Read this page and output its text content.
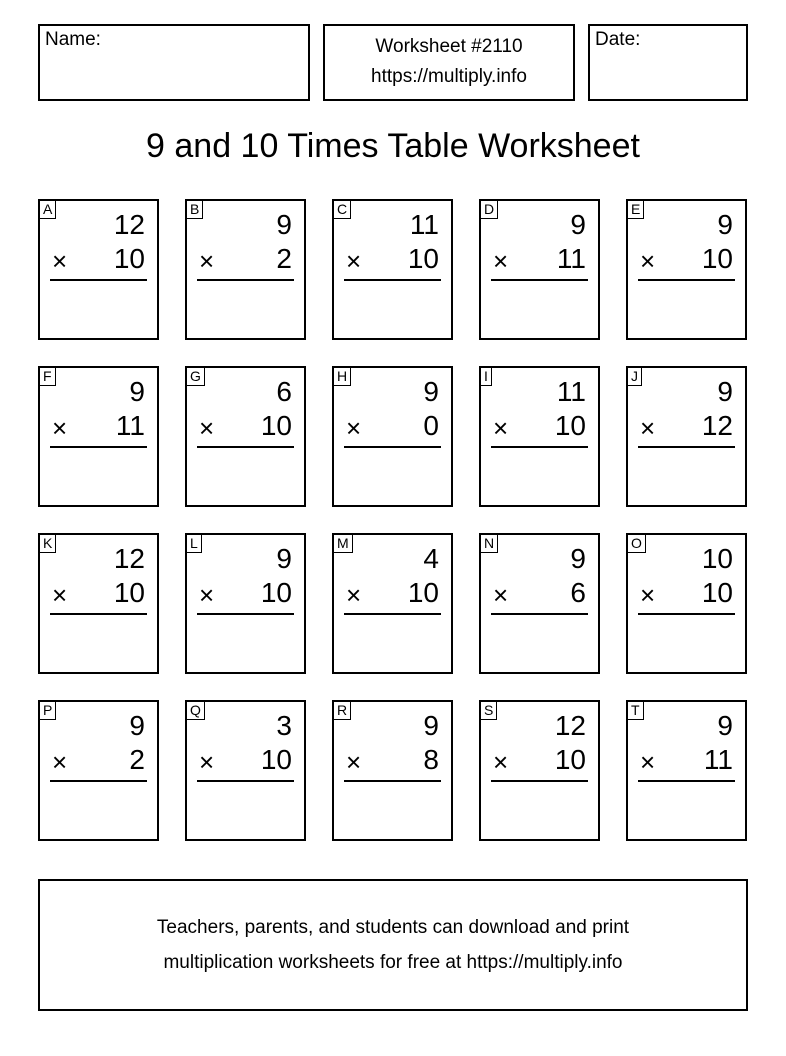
Name:	Worksheet #2110
https://multiply.info
Date:
9 and 10 Times Table Worksheet
A 12
× 10
B	9
× 2
C 11
× 10
D	9
× 11
E	9
× 10
F	9
× 11
G	6
× 10
H	9
× 0
I 11
× 10
J	9
× 12
K 12
× 10
L	9
× 10
M	4
× 10
N	9
× 6
O 10
× 10
P	9
× 2
Q	3
× 10
R	9
× 8
S 12
× 10
T	9
× 11
Teachers, parents, and students can download and print
multiplication worksheets for free at https://multiply.info
